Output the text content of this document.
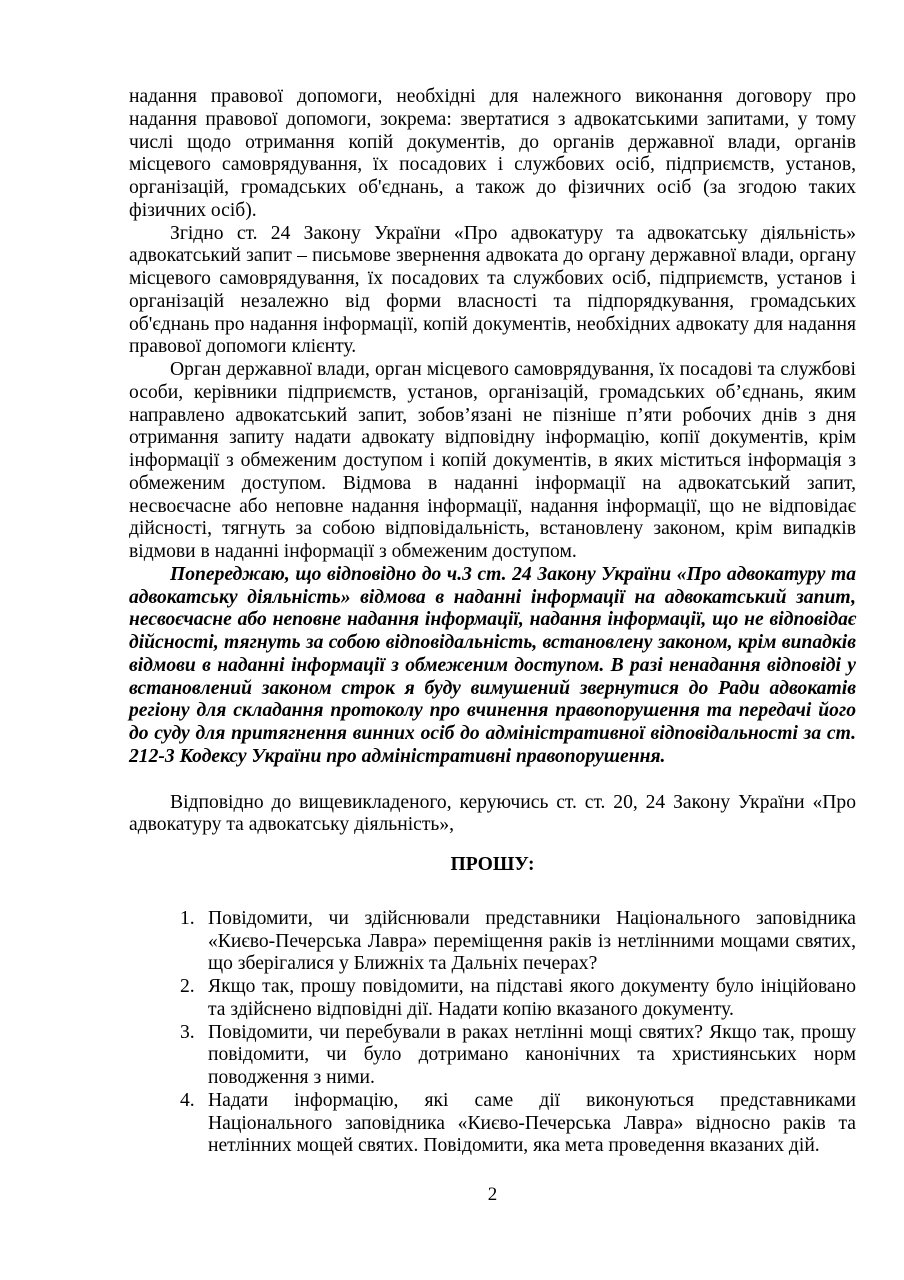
надання правової допомоги, необхідні для належного виконання договору про надання правової допомоги, зокрема: звертатися з адвокатськими запитами, у тому числі щодо отримання копій документів, до органів державної влади, органів місцевого самоврядування, їх посадових і службових осіб, підприємств, установ, організацій, громадських об'єднань, а також до фізичних осіб (за згодою таких фізичних осіб).

Згідно ст. 24 Закону України «Про адвокатуру та адвокатську діяльність» адвокатський запит – письмове звернення адвоката до органу державної влади, органу місцевого самоврядування, їх посадових та службових осіб, підприємств, установ і організацій незалежно від форми власності та підпорядкування, громадських об'єднань про надання інформації, копій документів, необхідних адвокату для надання правової допомоги клієнту.

Орган державної влади, орган місцевого самоврядування, їх посадові та службові особи, керівники підприємств, установ, організацій, громадських об’єднань, яким направлено адвокатський запит, зобов’язані не пізніше п’яти робочих днів з дня отримання запиту надати адвокату відповідну інформацію, копії документів, крім інформації з обмеженим доступом і копій документів, в яких міститься інформація з обмеженим доступом. Відмова в наданні інформації на адвокатський запит, несвоєчасне або неповне надання інформації, надання інформації, що не відповідає дійсності, тягнуть за собою відповідальність, встановлену законом, крім випадків відмови в наданні інформації з обмеженим доступом.

Попереджаю, що відповідно до ч.3 ст. 24 Закону України «Про адвокатуру та адвокатську діяльність» відмова в наданні інформації на адвокатський запит, несвоєчасне або неповне надання інформації, надання інформації, що не відповідає дійсності, тягнуть за собою відповідальність, встановлену законом, крім випадків відмови в наданні інформації з обмеженим доступом. В разі ненадання відповіді у встановлений законом строк я буду вимушений звернутися до Ради адвокатів регіону для складання протоколу про вчинення правопорушення та передачі його до суду для притягнення винних осіб до адміністративної відповідальності за ст. 212-3 Кодексу України про адміністративні правопорушення.

Відповідно до вищевикладеного, керуючись ст. ст. 20, 24 Закону України «Про адвокатуру та адвокатську діяльність»,

ПРОШУ:
Повідомити, чи здійснювали представники Національного заповідника «Києво-Печерська Лавра» переміщення раків із нетлінними мощами святих, що зберігалися у Ближніх та Дальніх печерах?
Якщо так, прошу повідомити, на підставі якого документу було ініційовано та здійснено відповідні дії. Надати копію вказаного документу.
Повідомити, чи перебували в раках нетлінні мощі святих? Якщо так, прошу повідомити, чи було дотримано канонічних та християнських норм поводження з ними.
Надати інформацію, які саме дії виконуються представниками Національного заповідника «Києво-Печерська Лавра» відносно раків та нетлінних мощей святих. Повідомити, яка мета проведення вказаних дій.
2
